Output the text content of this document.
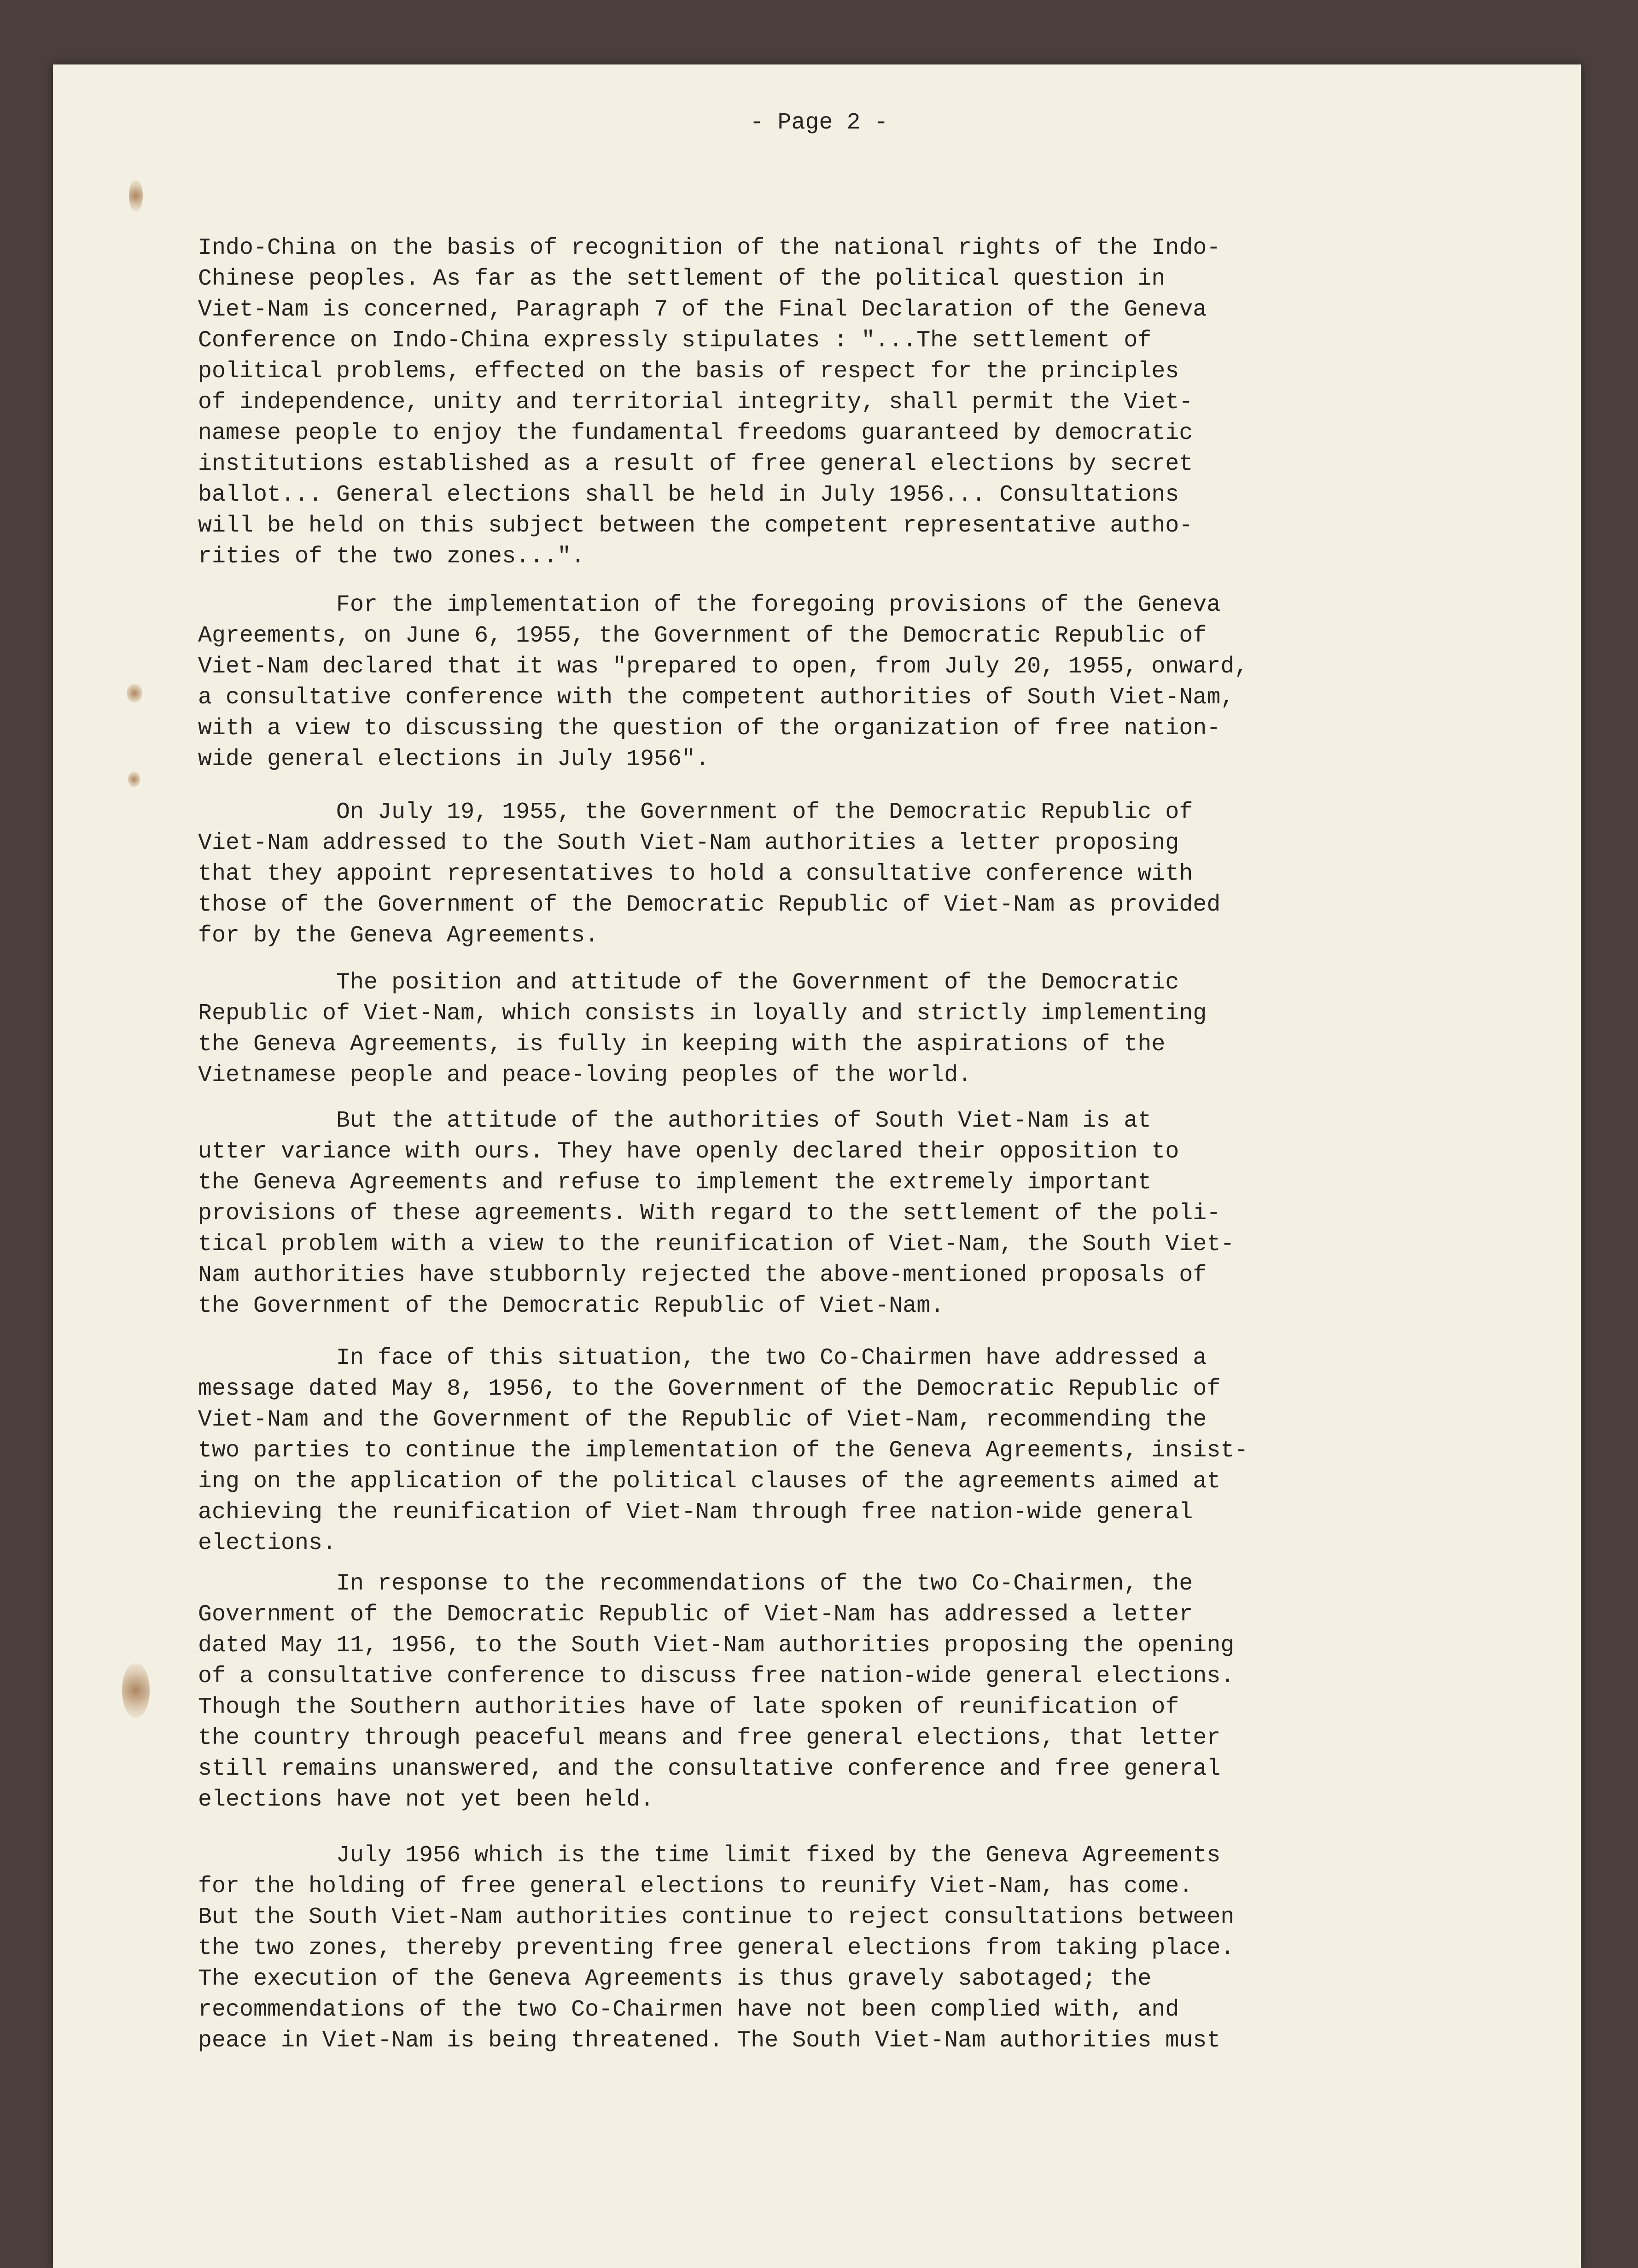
- Page 2 -
Indo-China on the basis of recognition of the national rights of the Indo-
Chinese peoples. As far as the settlement of the political question in
Viet-Nam is concerned, Paragraph 7 of the Final Declaration of the Geneva
Conference on Indo-China expressly stipulates : "...The settlement of
political problems, effected on the basis of respect for the principles
of independence, unity and territorial integrity, shall permit the Viet-
namese people to enjoy the fundamental freedoms guaranteed by democratic
institutions established as a result of free general elections by secret
ballot... General elections shall be held in July 1956... Consultations
will be held on this subject between the competent representative autho-
rities of the two zones...".
For the implementation of the foregoing provisions of the Geneva
Agreements, on June 6, 1955, the Government of the Democratic Republic of
Viet-Nam declared that it was "prepared to open, from July 20, 1955, onward,
a consultative conference with the competent authorities of South Viet-Nam,
with a view to discussing the question of the organization of free nation-
wide general elections in July 1956".
On July 19, 1955, the Government of the Democratic Republic of
Viet-Nam addressed to the South Viet-Nam authorities a letter proposing
that they appoint representatives to hold a consultative conference with
those of the Government of the Democratic Republic of Viet-Nam as provided
for by the Geneva Agreements.
The position and attitude of the Government of the Democratic
Republic of Viet-Nam, which consists in loyally and strictly implementing
the Geneva Agreements, is fully in keeping with the aspirations of the
Vietnamese people and peace-loving peoples of the world.
But the attitude of the authorities of South Viet-Nam is at
utter variance with ours. They have openly declared their opposition to
the Geneva Agreements and refuse to implement the extremely important
provisions of these agreements. With regard to the settlement of the poli-
tical problem with a view to the reunification of Viet-Nam, the South Viet-
Nam authorities have stubbornly rejected the above-mentioned proposals of
the Government of the Democratic Republic of Viet-Nam.
In face of this situation, the two Co-Chairmen have addressed a
message dated May 8, 1956, to the Government of the Democratic Republic of
Viet-Nam and the Government of the Republic of Viet-Nam, recommending the
two parties to continue the implementation of the Geneva Agreements, insist-
ing on the application of the political clauses of the agreements aimed at
achieving the reunification of Viet-Nam through free nation-wide general
elections.
In response to the recommendations of the two Co-Chairmen, the
Government of the Democratic Republic of Viet-Nam has addressed a letter
dated May 11, 1956, to the South Viet-Nam authorities proposing the opening
of a consultative conference to discuss free nation-wide general elections.
Though the Southern authorities have of late spoken of reunification of
the country through peaceful means and free general elections, that letter
still remains unanswered, and the consultative conference and free general
elections have not yet been held.
July 1956 which is the time limit fixed by the Geneva Agreements
for the holding of free general elections to reunify Viet-Nam, has come.
But the South Viet-Nam authorities continue to reject consultations between
the two zones, thereby preventing free general elections from taking place.
The execution of the Geneva Agreements is thus gravely sabotaged; the
recommendations of the two Co-Chairmen have not been complied with, and
peace in Viet-Nam is being threatened. The South Viet-Nam authorities must
